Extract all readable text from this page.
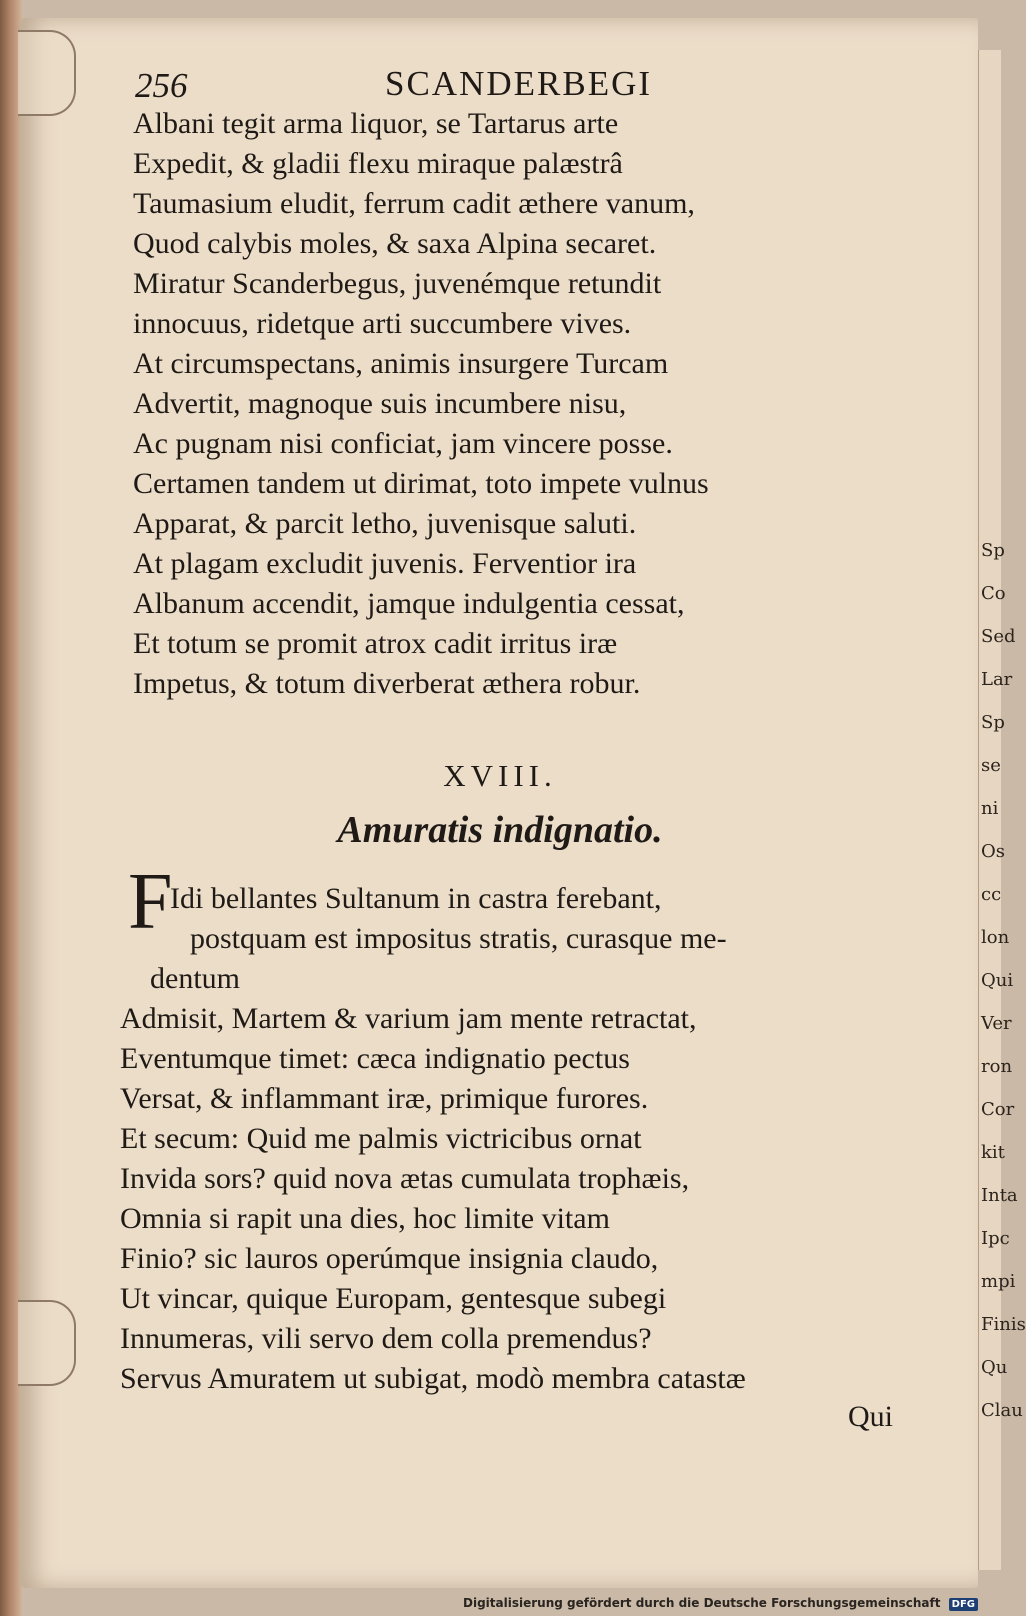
Sp
Co
Sed
Lar
Sp
se
ni
Os
cc
lon
Qui
Ver
ron
Cor
kit
Inta
Ipc
mpi
Finis
Qu
Clau
256	SCANDERBEGI
Albani tegit arma liquor, se Tartarus arte
Expedit, & gladii flexu miraque palæstrâ
Taumasium eludit, ferrum cadit æthere vanum,
Quod calybis moles, & saxa Alpina secaret.
Miratur Scanderbegus, juvenémque retundit
innocuus, ridetque arti succumbere vives.
At circumspectans, animis insurgere Turcam
Advertit, magnoque suis incumbere nisu,
Ac pugnam nisi conficiat, jam vincere posse.
Certamen tandem ut dirimat, toto impete vulnus
Apparat, & parcit letho, juvenisque saluti.
At plagam excludit juvenis. Ferventior ira
Albanum accendit, jamque indulgentia cessat,
Et totum se promit atrox cadit irritus iræ
Impetus, & totum diverberat æthera robur.
XVIII.
Amuratis indignatio.
F
Idi bellantes Sultanum in castra ferebant,
postquam est impositus stratis, curasque me-
dentum
Admisit, Martem & varium jam mente retractat,
Eventumque timet: cæca indignatio pectus
Versat, & inflammant iræ, primique furores.
Et secum: Quid me palmis victricibus ornat
Invida sors? quid nova ætas cumulata trophæis,
Omnia si rapit una dies, hoc limite vitam
Finio? sic lauros operúmque insignia claudo,
Ut vincar, quique Europam, gentesque subegi
Innumeras, vili servo dem colla premendus?
Servus Amuratem ut subigat, modò membra catastæ
Qui
Digitalisierung gefördert durch die Deutsche Forschungsgemeinschaft DFG
